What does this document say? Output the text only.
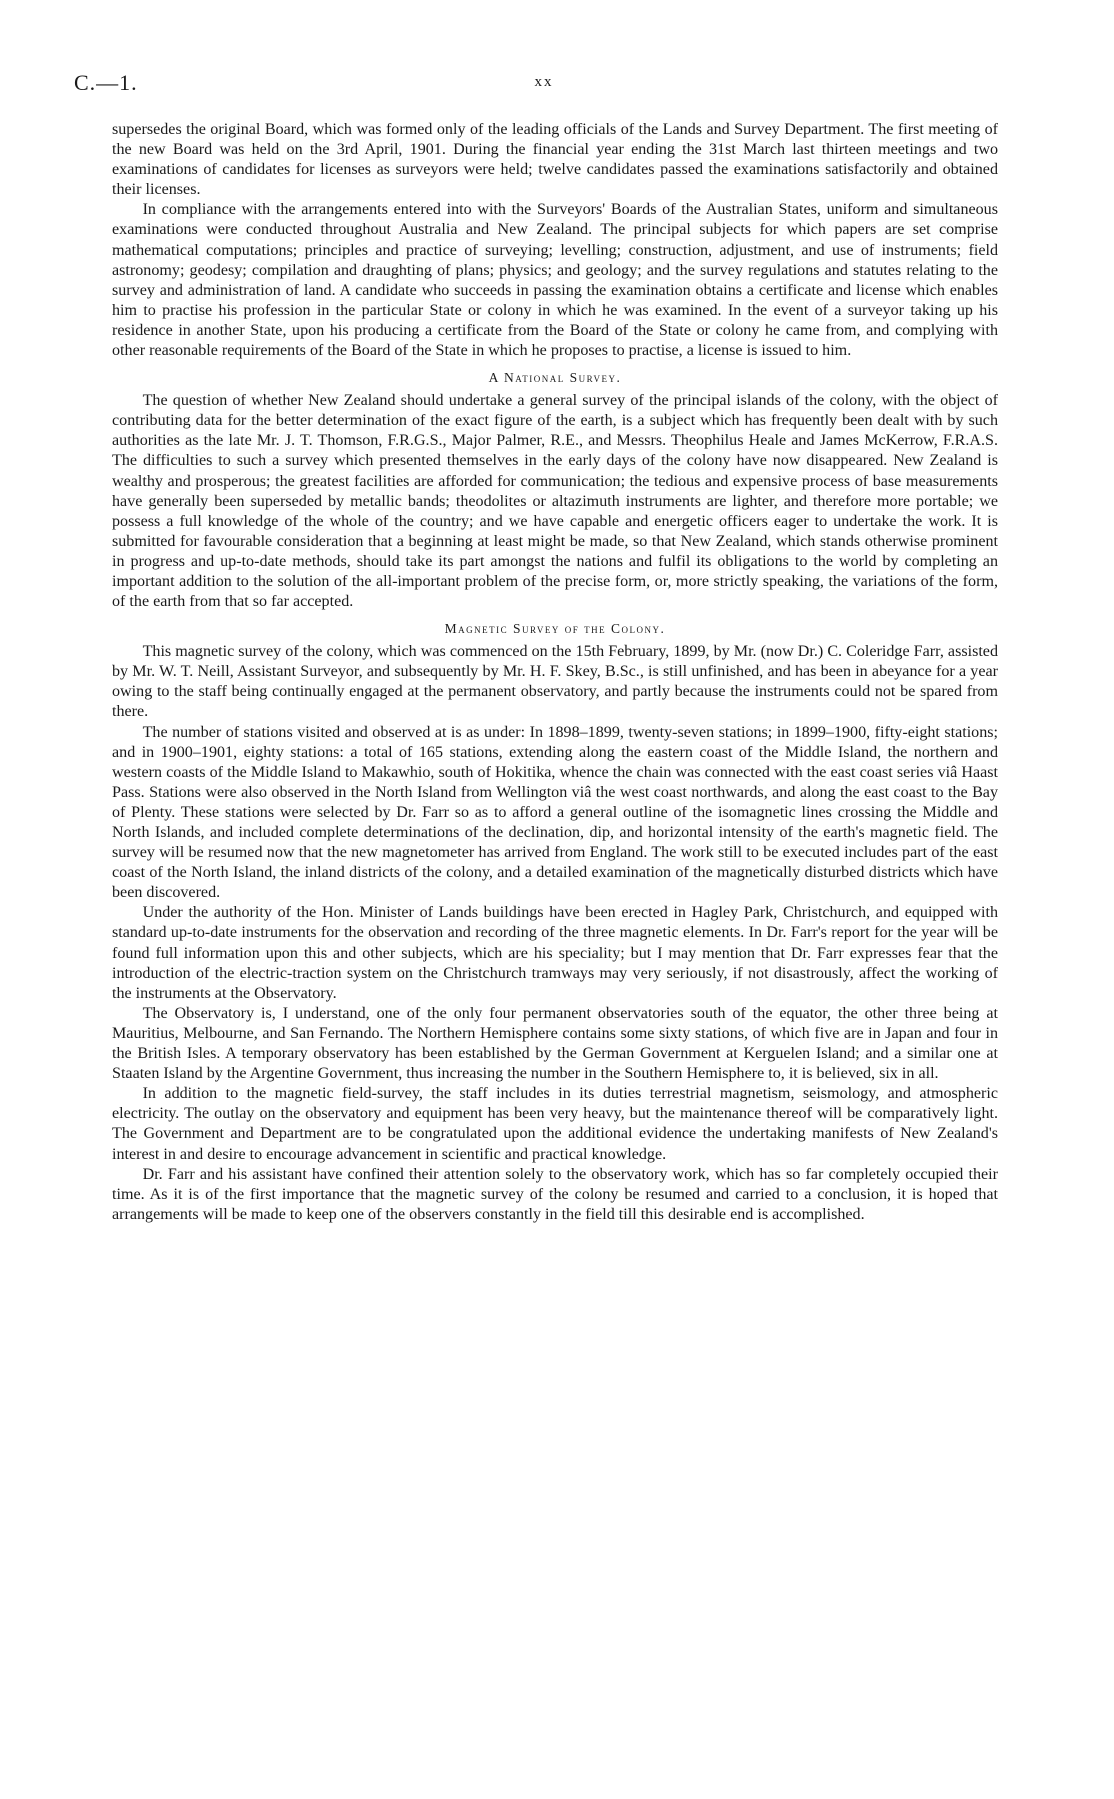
C.—1.	xx

supersedes the original Board, which was formed only of the leading officials of the Lands and Survey Department. The first meeting of the new Board was held on the 3rd April, 1901. During the financial year ending the 31st March last thirteen meetings and two examinations of candidates for licenses as surveyors were held; twelve candidates passed the examinations satisfactorily and obtained their licenses.

In compliance with the arrangements entered into with the Surveyors' Boards of the Australian States, uniform and simultaneous examinations were conducted throughout Australia and New Zealand. The principal subjects for which papers are set comprise mathematical computations; principles and practice of surveying; levelling; construction, adjustment, and use of instruments; field astronomy; geodesy; compilation and draughting of plans; physics; and geology; and the survey regulations and statutes relating to the survey and administration of land. A candidate who succeeds in passing the examination obtains a certificate and license which enables him to practise his profession in the particular State or colony in which he was examined. In the event of a surveyor taking up his residence in another State, upon his producing a certificate from the Board of the State or colony he came from, and complying with other reasonable requirements of the Board of the State in which he proposes to practise, a license is issued to him.

A National Survey.

The question of whether New Zealand should undertake a general survey of the principal islands of the colony, with the object of contributing data for the better determination of the exact figure of the earth, is a subject which has frequently been dealt with by such authorities as the late Mr. J. T. Thomson, F.R.G.S., Major Palmer, R.E., and Messrs. Theophilus Heale and James McKerrow, F.R.A.S. The difficulties to such a survey which presented themselves in the early days of the colony have now disappeared. New Zealand is wealthy and prosperous; the greatest facilities are afforded for communication; the tedious and expensive process of base measurements have generally been superseded by metallic bands; theodolites or altazimuth instruments are lighter, and therefore more portable; we possess a full knowledge of the whole of the country; and we have capable and energetic officers eager to undertake the work. It is submitted for favourable consideration that a beginning at least might be made, so that New Zealand, which stands otherwise prominent in progress and up-to-date methods, should take its part amongst the nations and fulfil its obligations to the world by completing an important addition to the solution of the all-important problem of the precise form, or, more strictly speaking, the variations of the form, of the earth from that so far accepted.

Magnetic Survey of the Colony.

This magnetic survey of the colony, which was commenced on the 15th February, 1899, by Mr. (now Dr.) C. Coleridge Farr, assisted by Mr. W. T. Neill, Assistant Surveyor, and subsequently by Mr. H. F. Skey, B.Sc., is still unfinished, and has been in abeyance for a year owing to the staff being continually engaged at the permanent observatory, and partly because the instruments could not be spared from there.

The number of stations visited and observed at is as under: In 1898–1899, twenty-seven stations; in 1899–1900, fifty-eight stations; and in 1900–1901, eighty stations: a total of 165 stations, extending along the eastern coast of the Middle Island, the northern and western coasts of the Middle Island to Makawhio, south of Hokitika, whence the chain was connected with the east coast series viâ Haast Pass. Stations were also observed in the North Island from Wellington viâ the west coast northwards, and along the east coast to the Bay of Plenty. These stations were selected by Dr. Farr so as to afford a general outline of the isomagnetic lines crossing the Middle and North Islands, and included complete determinations of the declination, dip, and horizontal intensity of the earth's magnetic field. The survey will be resumed now that the new magnetometer has arrived from England. The work still to be executed includes part of the east coast of the North Island, the inland districts of the colony, and a detailed examination of the magnetically disturbed districts which have been discovered.

Under the authority of the Hon. Minister of Lands buildings have been erected in Hagley Park, Christchurch, and equipped with standard up-to-date instruments for the observation and recording of the three magnetic elements. In Dr. Farr's report for the year will be found full information upon this and other subjects, which are his speciality; but I may mention that Dr. Farr expresses fear that the introduction of the electric-traction system on the Christchurch tramways may very seriously, if not disastrously, affect the working of the instruments at the Observatory.

The Observatory is, I understand, one of the only four permanent observatories south of the equator, the other three being at Mauritius, Melbourne, and San Fernando. The Northern Hemisphere contains some sixty stations, of which five are in Japan and four in the British Isles. A temporary observatory has been established by the German Government at Kerguelen Island; and a similar one at Staaten Island by the Argentine Government, thus increasing the number in the Southern Hemisphere to, it is believed, six in all.

In addition to the magnetic field-survey, the staff includes in its duties terrestrial magnetism, seismology, and atmospheric electricity. The outlay on the observatory and equipment has been very heavy, but the maintenance thereof will be comparatively light. The Government and Department are to be congratulated upon the additional evidence the undertaking manifests of New Zealand's interest in and desire to encourage advancement in scientific and practical knowledge.

Dr. Farr and his assistant have confined their attention solely to the observatory work, which has so far completely occupied their time. As it is of the first importance that the magnetic survey of the colony be resumed and carried to a conclusion, it is hoped that arrangements will be made to keep one of the observers constantly in the field till this desirable end is accomplished.
